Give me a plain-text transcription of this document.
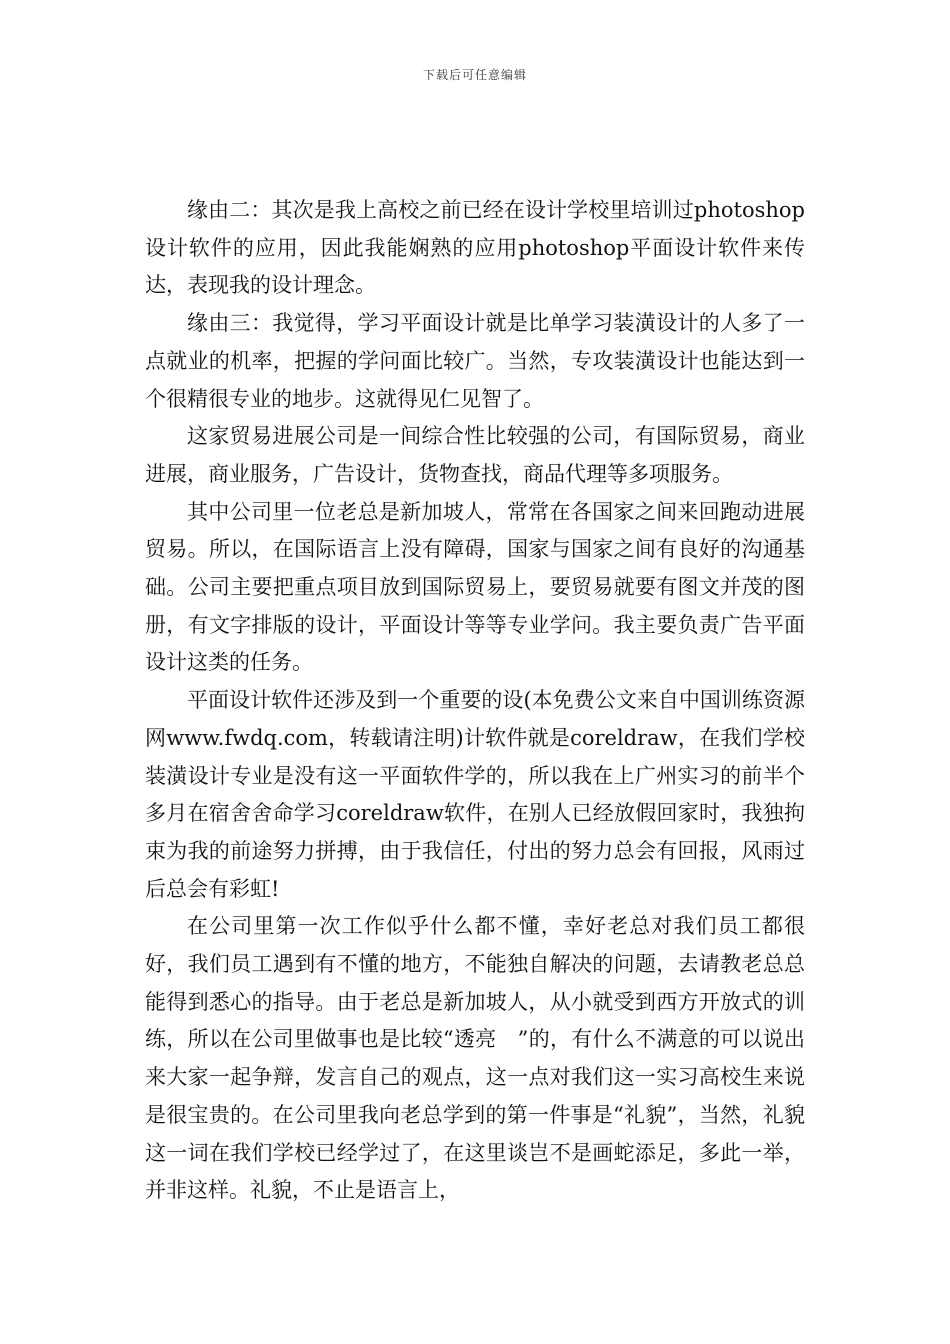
下载后可任意编辑

缘由二：其次是我上高校之前已经在设计学校里培训过photoshop设计软件的应用，因此我能娴熟的应用photoshop平面设计软件来传达，表现我的设计理念。

缘由三：我觉得，学习平面设计就是比单学习装潢设计的人多了一点就业的机率，把握的学问面比较广。当然，专攻装潢设计也能达到一个很精很专业的地步。这就得见仁见智了。

这家贸易进展公司是一间综合性比较强的公司，有国际贸易，商业进展，商业服务，广告设计，货物查找，商品代理等多项服务。

其中公司里一位老总是新加坡人，常常在各国家之间来回跑动进展贸易。所以，在国际语言上没有障碍，国家与国家之间有良好的沟通基础。公司主要把重点项目放到国际贸易上，要贸易就要有图文并茂的图册，有文字排版的设计，平面设计等等专业学问。我主要负责广告平面设计这类的任务。

平面设计软件还涉及到一个重要的设(本免费公文来自中国训练资源网www.fwdq.com，转载请注明)计软件就是coreldraw，在我们学校装潢设计专业是没有这一平面软件学的，所以我在上广州实习的前半个多月在宿舍舍命学习coreldraw软件，在别人已经放假回家时，我独拘束为我的前途努力拼搏，由于我信任，付出的努力总会有回报，风雨过后总会有彩虹!

在公司里第一次工作似乎什么都不懂，幸好老总对我们员工都很好，我们员工遇到有不懂的地方，不能独自解决的问题，去请教老总总能得到悉心的指导。由于老总是新加坡人，从小就受到西方开放式的训练，所以在公司里做事也是比较“透亮　”的，有什么不满意的可以说出来大家一起争辩，发言自己的观点，这一点对我们这一实习高校生来说是很宝贵的。在公司里我向老总学到的第一件事是“礼貌”，当然，礼貌这一词在我们学校已经学过了，在这里谈岂不是画蛇添足，多此一举，并非这样。礼貌，不止是语言上，
